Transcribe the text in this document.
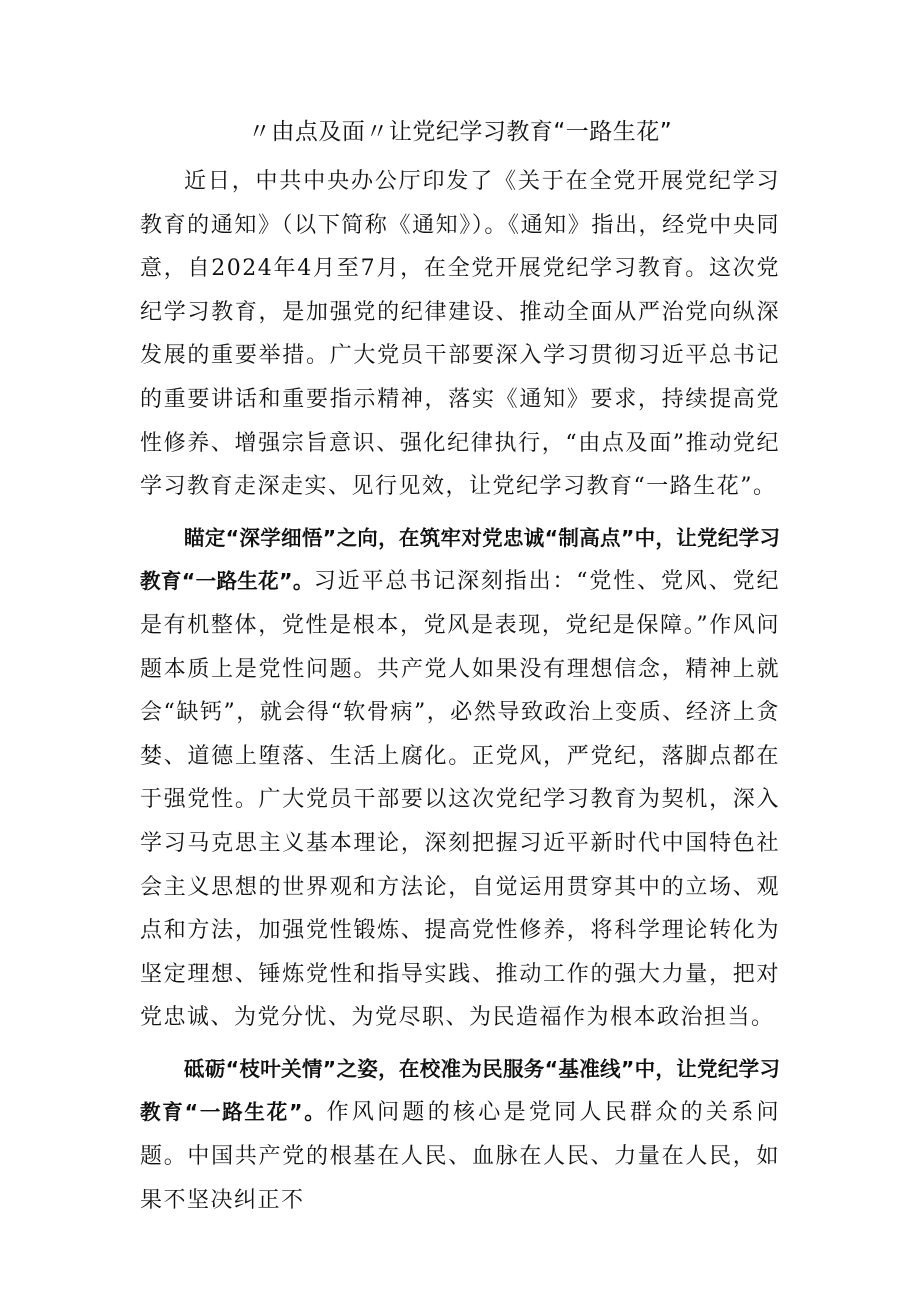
〃由点及面〃让党纪学习教育“一路生花”

近日，中共中央办公厅印发了《关于在全党开展党纪学习教育的通知》（以下简称《通知》）。《通知》指出，经党中央同意，自2024年4月至7月，在全党开展党纪学习教育。这次党纪学习教育，是加强党的纪律建设、推动全面从严治党向纵深发展的重要举措。广大党员干部要深入学习贯彻习近平总书记的重要讲话和重要指示精神，落实《通知》要求，持续提高党性修养、增强宗旨意识、强化纪律执行，“由点及面”推动党纪学习教育走深走实、见行见效，让党纪学习教育“一路生花”。

瞄定“深学细悟”之向，在筑牢对党忠诚“制高点”中，让党纪学习教育“一路生花”。习近平总书记深刻指出：“党性、党风、党纪是有机整体，党性是根本，党风是表现，党纪是保障。”作风问题本质上是党性问题。共产党人如果没有理想信念，精神上就会“缺钙”，就会得“软骨病”，必然导致政治上变质、经济上贪婪、道德上堕落、生活上腐化。正党风，严党纪，落脚点都在于强党性。广大党员干部要以这次党纪学习教育为契机，深入学习马克思主义基本理论，深刻把握习近平新时代中国特色社会主义思想的世界观和方法论，自觉运用贯穿其中的立场、观点和方法，加强党性锻炼、提高党性修养，将科学理论转化为坚定理想、锤炼党性和指导实践、推动工作的强大力量，把对党忠诚、为党分忧、为党尽职、为民造福作为根本政治担当。

砥砺“枝叶关情”之姿，在校准为民服务“基准线”中，让党纪学习教育“一路生花”。作风问题的核心是党同人民群众的关系问题。中国共产党的根基在人民、血脉在人民、力量在人民，如果不坚决纠正不
